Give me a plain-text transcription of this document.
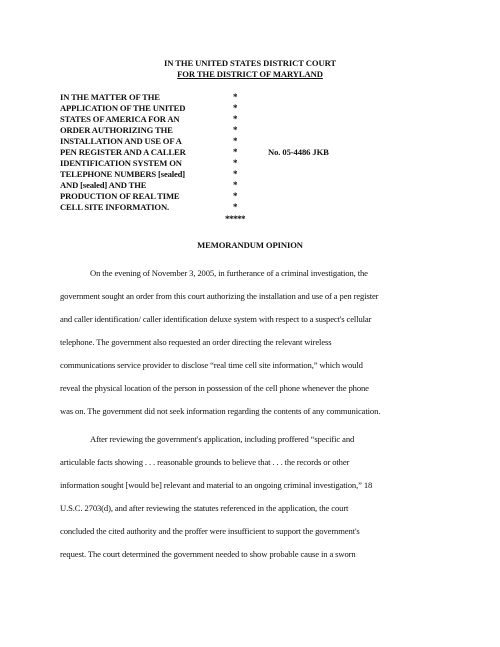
IN THE UNITED STATES DISTRICT COURT
FOR THE DISTRICT OF MARYLAND
IN THE MATTER OF THE
APPLICATION OF THE UNITED
STATES OF AMERICA FOR AN
ORDER AUTHORIZING THE
INSTALLATION AND USE OF A
PEN REGISTER AND A CALLER
IDENTIFICATION SYSTEM ON
TELEPHONE NUMBERS [sealed]
AND [sealed] AND THE
PRODUCTION OF REAL TIME
CELL SITE INFORMATION.
*
*
*
*
*
*
*
*
*
*
*
*****
No. 05-4486 JKB
MEMORANDUM OPINION
On the evening of November 3, 2005, in furtherance of a criminal investigation, the
government sought an order from this court authorizing the installation and use of a pen register
and caller identification/ caller identification deluxe system with respect to a suspect's cellular
telephone. The government also requested an order directing the relevant wireless
communications service provider to disclose “real time cell site information,” which would
reveal the physical location of the person in possession of the cell phone whenever the phone
was on. The government did not seek information regarding the contents of any communication.
After reviewing the government's application, including proffered “specific and
articulable facts showing . . . reasonable grounds to believe that . . . the records or other
information sought [would be] relevant and material to an ongoing criminal investigation,” 18
U.S.C. 2703(d), and after reviewing the statutes referenced in the application, the court
concluded the cited authority and the proffer were insufficient to support the government's
request. The court determined the government needed to show probable cause in a sworn
